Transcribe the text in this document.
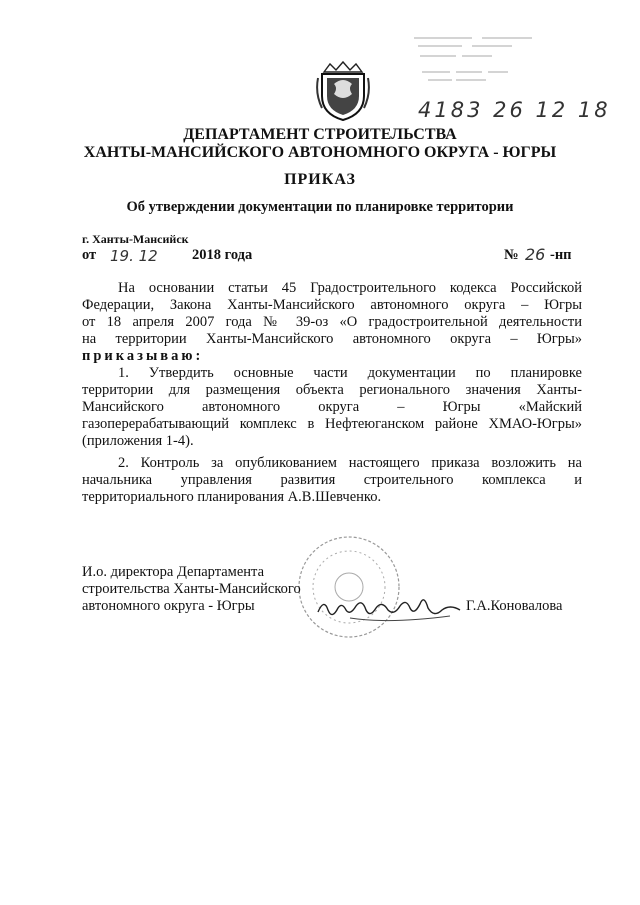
4183 26 12 18
ДЕПАРТАМЕНТ СТРОИТЕЛЬСТВА
ХАНТЫ-МАНСИЙСКОГО АВТОНОМНОГО ОКРУГА - ЮГРЫ
ПРИКАЗ
Об утверждении документации по планировке территории
г. Ханты-Мансийск
от 19. 12 2018 года	№ 26 -нп
На основании статьи 45 Градостроительного кодекса Российской
Федерации, Закона Ханты-Мансийского автономного округа – Югры
от 18 апреля 2007 года № 39-оз «О градостроительной деятельности
на территории Ханты-Мансийского автономного округа – Югры»
приказываю:
1. Утвердить основные части документации по планировке
территории для размещения объекта регионального значения Ханты-
Мансийского автономного округа – Югры «Майский
газоперерабатывающий комплекс в Нефтеюганском районе ХМАО-Югры»
(приложения 1-4).
2. Контроль за опубликованием настоящего приказа возложить на
начальника управления развития строительного комплекса и
территориального планирования А.В.Шевченко.
И.о. директора Департамента
строительства Ханты-Мансийского
автономного округа - Югры	Г.А.Коновалова
